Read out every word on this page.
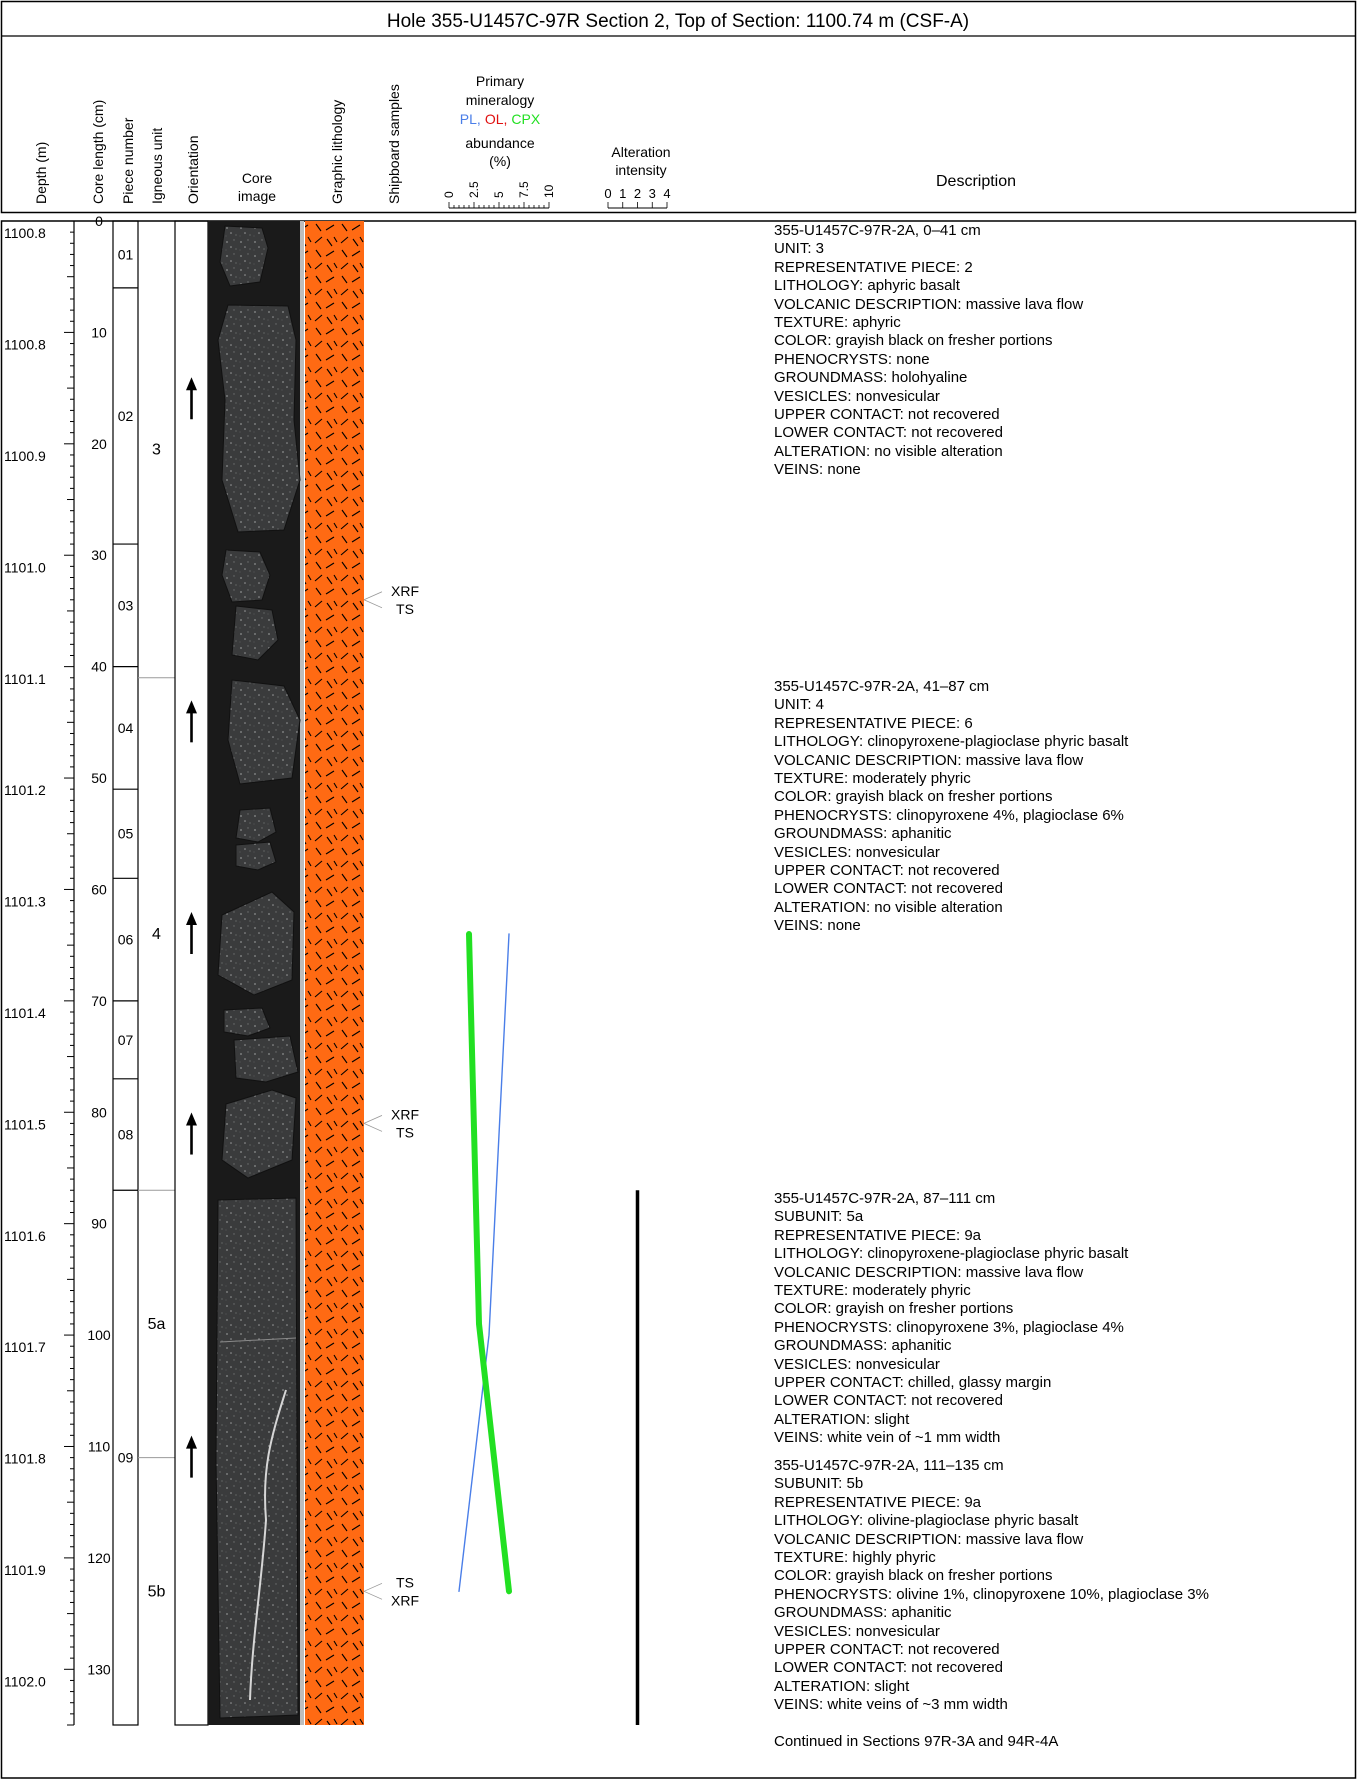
Hole 355-U1457C-97R Section 2, Top of Section: 1100.74 m (CSF-A)
Depth (m)	Core length (cm) Piece number Igneous unit Orientation	Core
image	Graphic lithology	Shipboard samples
Primary
mineralogy
PL, OL, CPX
abundance
(%)
Alteration
intensity
Description
0 2.5 5 7.5 10	0 1 2 3 4
1100.8
1100.8
1100.9
1101.0
1101.1
1101.2
1101.3
1101.4
1101.5
1101.6
1101.7
1101.8
1101.9
1102.0
0
10
20
30
40
50
60
70
80
90
100
110
120
130
01
02
03
04
05
06
07
08
09
3
4
5a
5b
XRF
TS
XRF
TS
TS
XRF
355-U1457C-97R-2A, 0–41 cm
UNIT: 3
REPRESENTATIVE PIECE: 2
LITHOLOGY: aphyric basalt
VOLCANIC DESCRIPTION: massive lava flow
TEXTURE: aphyric
COLOR: grayish black on fresher portions
PHENOCRYSTS: none
GROUNDMASS: holohyaline
VESICLES: nonvesicular
UPPER CONTACT: not recovered
LOWER CONTACT: not recovered
ALTERATION: no visible alteration
VEINS: none
355-U1457C-97R-2A, 41–87 cm
UNIT: 4
REPRESENTATIVE PIECE: 6
LITHOLOGY: clinopyroxene-plagioclase phyric basalt
VOLCANIC DESCRIPTION: massive lava flow
TEXTURE: moderately phyric
COLOR: grayish black on fresher portions
PHENOCRYSTS: clinopyroxene 4%, plagioclase 6%
GROUNDMASS: aphanitic
VESICLES: nonvesicular
UPPER CONTACT: not recovered
LOWER CONTACT: not recovered
ALTERATION: no visible alteration
VEINS: none
355-U1457C-97R-2A, 87–111 cm
SUBUNIT: 5a
REPRESENTATIVE PIECE: 9a
LITHOLOGY: clinopyroxene-plagioclase phyric basalt
VOLCANIC DESCRIPTION: massive lava flow
TEXTURE: moderately phyric
COLOR: grayish on fresher portions
PHENOCRYSTS: clinopyroxene 3%, plagioclase 4%
GROUNDMASS: aphanitic
VESICLES: nonvesicular
UPPER CONTACT: chilled, glassy margin
LOWER CONTACT: not recovered
ALTERATION: slight
VEINS: white vein of ~1 mm width
355-U1457C-97R-2A, 111–135 cm
SUBUNIT: 5b
REPRESENTATIVE PIECE: 9a
LITHOLOGY: olivine-plagioclase phyric basalt
VOLCANIC DESCRIPTION: massive lava flow
TEXTURE: highly phyric
COLOR: grayish black on fresher portions
PHENOCRYSTS: olivine 1%, clinopyroxene 10%, plagioclase 3%
GROUNDMASS: aphanitic
VESICLES: nonvesicular
UPPER CONTACT: not recovered
LOWER CONTACT: not recovered
ALTERATION: slight
VEINS: white veins of ~3 mm width
Continued in Sections 97R-3A and 94R-4A
